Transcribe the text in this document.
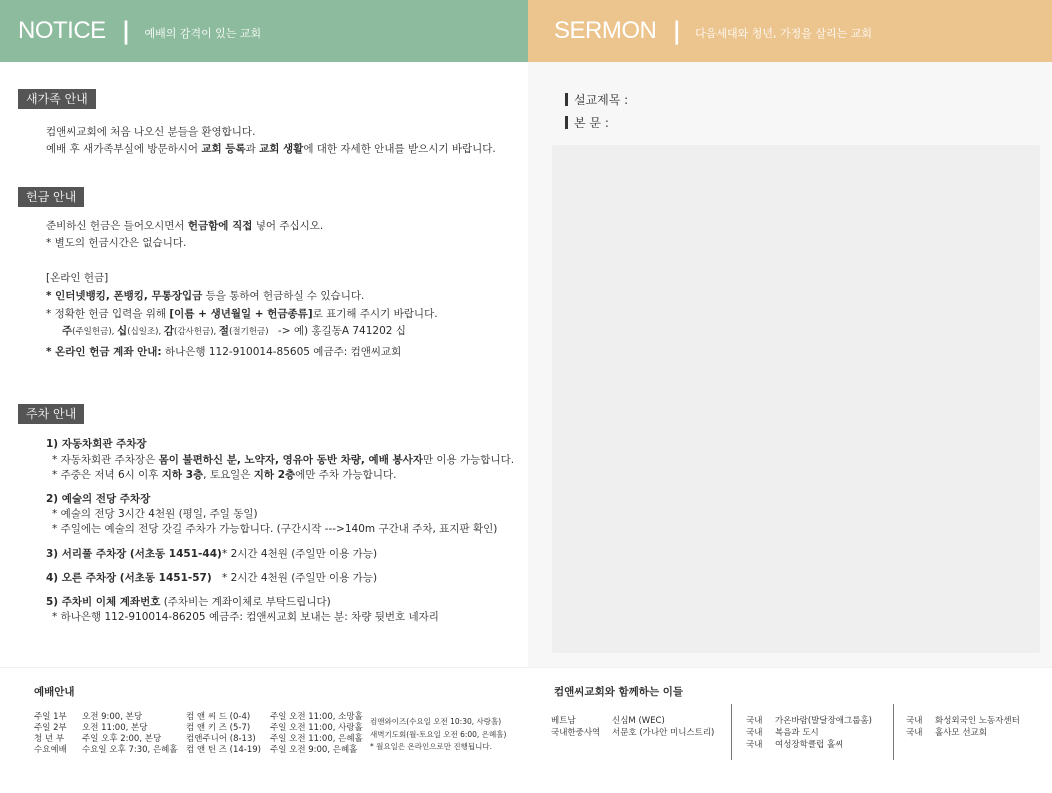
NOTICE | 예배의 감격이 있는 교회	SERMON | 다음세대와 청년, 가정을 살리는 교회
새가족 안내
컴앤씨교회에 처음 나오신 분들을 환영합니다.
예배 후 새가족부실에 방문하시어 교회 등록과 교회 생활에 대한 자세한 안내를 받으시기 바랍니다.
헌금 안내
준비하신 헌금은 들어오시면서 헌금함에 직접 넣어 주십시오.
* 별도의 헌금시간은 없습니다.
[온라인 헌금]
* 인터넷뱅킹, 폰뱅킹, 무통장입금 등을 통하여 헌금하실 수 있습니다.
* 정확한 헌금 입력을 위해 [이름 + 생년월일 + 헌금종류]로 표기해 주시기 바랍니다.
주(주일헌금), 십(십일조), 감(감사헌금), 절(절기헌금) -> 예) 홍길동A 741202 십
* 온라인 헌금 계좌 안내: 하나은행 112-910014-85605 예금주: 컴앤씨교회
주차 안내
1) 자동차회관 주차장
* 자동차회관 주차장은 몸이 불편하신 분, 노약자, 영유아 동반 차량, 예배 봉사자만 이용 가능합니다.
* 주중은 저녁 6시 이후 지하 3층, 토요일은 지하 2층에만 주차 가능합니다.
2) 예술의 전당 주차장
* 예술의 전당 3시간 4천원 (평일, 주일 동일)
* 주일에는 예술의 전당 갓길 주차가 가능합니다. (구간시작 --->140m 구간내 주차, 표지판 확인)
3) 서리풀 주차장 (서초동 1451-44) * 2시간 4천원 (주일만 이용 가능)
4) 오른 주차장 (서초동 1451-57) * 2시간 4천원 (주일만 이용 가능)
5) 주차비 이체 계좌번호 (주차비는 계좌이체로 부탁드립니다)
* 하나은행 112-910014-86205 예금주: 컴앤씨교회 보내는 분: 차량 뒷번호 네자리
설교제목 :
본 문 :
예배안내
주일 1부
주일 2부
청 년 부
수요예배
오전 9:00, 본당
오전 11:00, 본당
주일 오후 2:00, 본당
수요일 오후 7:30, 은혜홀
컴 앤 씨 드 (0-4)
컴 앤 키 즈 (5-7)
컴앤주니어 (8-13)
컴 앤 틴 즈 (14-19)
주일 오전 11:00, 소망홀
주일 오전 11:00, 사랑홀
주일 오전 11:00, 은혜홀
주일 오전 9:00, 은혜홀
컴앤와이즈(수요일 오전 10:30, 사랑홀)
새벽기도회(월-토요일 오전 6:00, 은혜홀)
* 월요일은 온라인으로만 진행됩니다.
컴앤씨교회와 함께하는 이들
베트남
국내한중사역
신심M (WEC)
서문호 (가나안 미니스트리)
국내
국내
국내
가온바람(발달장애그룹홈)
복음과 도시
여성장학클럽 홀씨
국내
국내
화성외국인 노동자센터
홀사모 선교회
